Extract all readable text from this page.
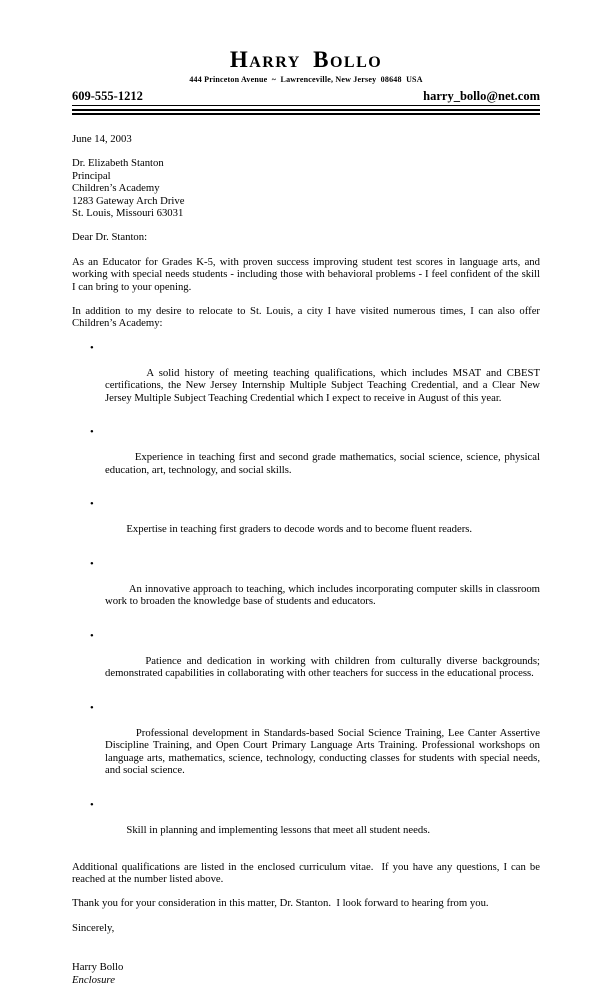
Harry Bollo
444 Princeton Avenue  ~  Lawrenceville, New Jersey  08648  USA
609-555-1212	harry_bollo@net.com

June 14, 2003

Dr. Elizabeth Stanton
Principal
Children’s Academy
1283 Gateway Arch Drive
St. Louis, Missouri 63031

Dear Dr. Stanton:

As an Educator for Grades K-5, with proven success improving student test scores in language arts, and working with special needs students - including those with behavioral problems - I feel confident of the skill I can bring to your opening.

In addition to my desire to relocate to St. Louis, a city I have visited numerous times, I can also offer Children’s Academy:

•

A solid history of meeting teaching qualifications, which includes MSAT and CBEST certifications, the New Jersey Internship Multiple Subject Teaching Credential, and a Clear New Jersey Multiple Subject Teaching Credential which I expect to receive in August of this year.

•

Experience in teaching first and second grade mathematics, social science, science, physical education, art, technology, and social skills.

•

Expertise in teaching first graders to decode words and to become fluent readers.

•

An innovative approach to teaching, which includes incorporating computer skills in classroom work to broaden the knowledge base of students and educators.

•

Patience and dedication in working with children from culturally diverse backgrounds; demonstrated capabilities in collaborating with other teachers for success in the educational process.

•

Professional development in Standards-based Social Science Training, Lee Canter Assertive Discipline Training, and Open Court Primary Language Arts Training. Professional workshops on language arts, mathematics, science, technology, conducting classes for students with special needs, and social science.

•

Skill in planning and implementing lessons that meet all student needs.

Additional qualifications are listed in the enclosed curriculum vitae.  If you have any questions, I can be reached at the number listed above.

Thank you for your consideration in this matter, Dr. Stanton.  I look forward to hearing from you.

Sincerely,

Harry Bollo
Enclosure
